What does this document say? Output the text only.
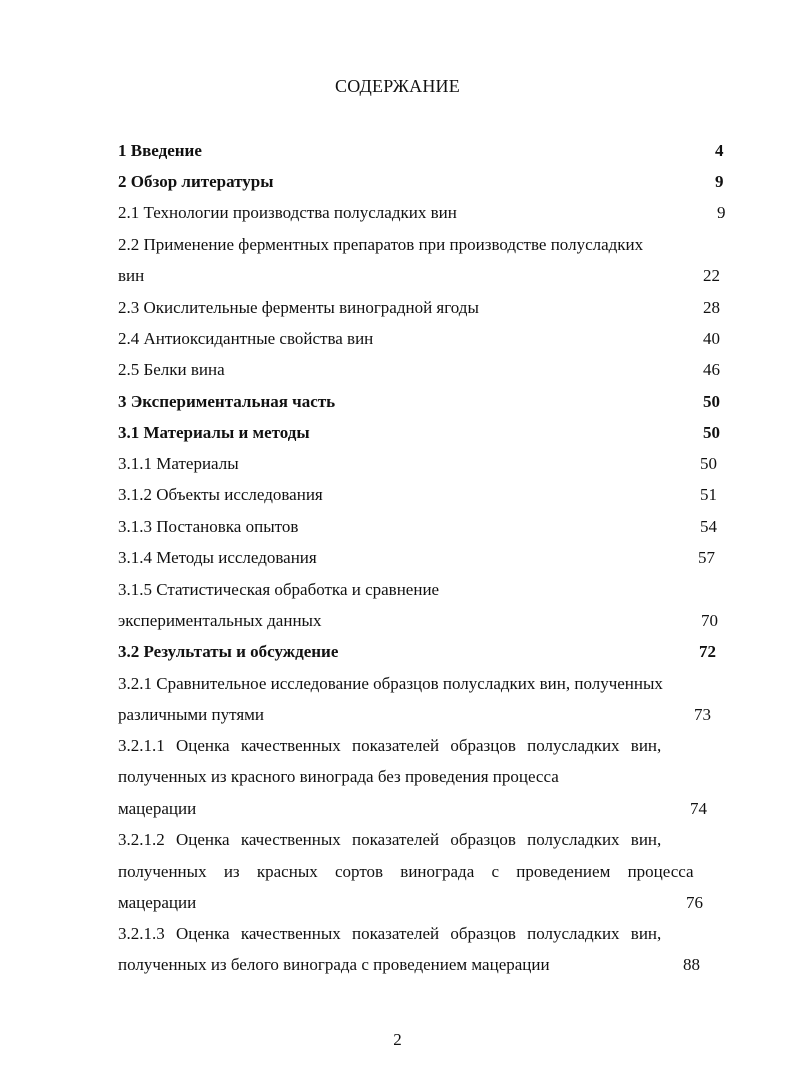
СОДЕРЖАНИЕ
1 Введение	4
2 Обзор литературы	9
2.1 Технологии производства полусладких вин	9
2.2 Применение ферментных препаратов при производстве полусладких
вин	22
2.3 Окислительные ферменты виноградной ягоды	28
2.4 Антиоксидантные свойства вин	40
2.5 Белки вина	46
3 Экспериментальная часть	50
3.1 Материалы и методы	50
3.1.1 Материалы	50
3.1.2 Объекты исследования	51
3.1.3 Постановка опытов	54
3.1.4 Методы исследования	57
3.1.5 Статистическая обработка и сравнение
экспериментальных данных	70
3.2 Результаты и обсуждение	72
3.2.1 Сравнительное исследование образцов полусладких вин, полученных
различными путями	73
3.2.1.1 Оценка качественных показателей образцов полусладких вин,
полученных из красного винограда без проведения процесса
мацерации	74
3.2.1.2 Оценка качественных показателей образцов полусладких вин,
полученных из красных сортов винограда с проведением процесса
мацерации	76
3.2.1.3 Оценка качественных показателей образцов полусладких вин,
полученных из белого винограда с проведением мацерации	88
2
